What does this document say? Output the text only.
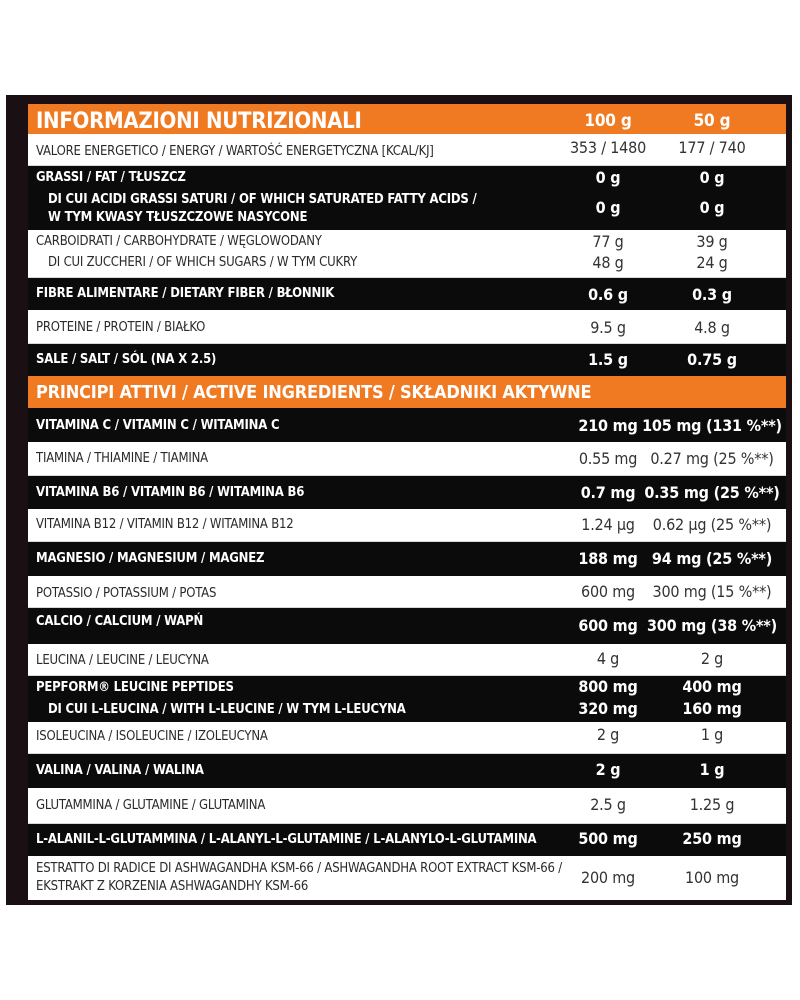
INFORMAZIONI NUTRIZIONALI	100 g	50 g
VALORE ENERGETICO / ENERGY / WARTOŚĆ ENERGETYCZNA [KCAL/KJ]	353 / 1480	177 / 740
GRASSI / FAT / TŁUSZCZ	0 g	0 g
DI CUI ACIDI GRASSI SATURI / OF WHICH SATURATED FATTY ACIDS /
W TYM KWASY TŁUSZCZOWE NASYCONE
0 g	0 g
CARBOIDRATI / CARBOHYDRATE / WĘGLOWODANY	77 g	39 g
DI CUI ZUCCHERI / OF WHICH SUGARS / W TYM CUKRY	48 g	24 g
FIBRE ALIMENTARE / DIETARY FIBER / BŁONNIK	0.6 g	0.3 g
PROTEINE / PROTEIN / BIAŁKO	9.5 g	4.8 g
SALE / SALT / SÓL (NA X 2.5)	1.5 g	0.75 g
PRINCIPI ATTIVI / ACTIVE INGREDIENTS / SKŁADNIKI AKTYWNE
VITAMINA C / VITAMIN C / WITAMINA C	210 mg 105 mg (131 %**)
TIAMINA / THIAMINE / TIAMINA	0.55 mg 0.27 mg (25 %**)
VITAMINA B6 / VITAMIN B6 / WITAMINA B6	0.7 mg 0.35 mg (25 %**)
VITAMINA B12 / VITAMIN B12 / WITAMINA B12	1.24 µg	0.62 µg (25 %**)
MAGNESIO / MAGNESIUM / MAGNEZ	188 mg 94 mg (25 %**)
POTASSIO / POTASSIUM / POTAS	600 mg	300 mg (15 %**)
CALCIO / CALCIUM / WAPŃ	600 mg 300 mg (38 %**)
LEUCINA / LEUCINE / LEUCYNA	4 g	2 g
PEPFORM® LEUCINE PEPTIDES	800 mg	400 mg
DI CUI L-LEUCINA / WITH L-LEUCINE / W TYM L-LEUCYNA	320 mg	160 mg
ISOLEUCINA / ISOLEUCINE / IZOLEUCYNA	2 g	1 g
VALINA / VALINA / WALINA	2 g	1 g
GLUTAMMINA / GLUTAMINE / GLUTAMINA	2.5 g	1.25 g
L-ALANIL-L-GLUTAMMINA / L-ALANYL-L-GLUTAMINE / L-ALANYLO-L-GLUTAMINA	500 mg	250 mg
ESTRATTO DI RADICE DI ASHWAGANDHA KSM-66 / ASHWAGANDHA ROOT EXTRACT KSM-66 /
EKSTRAKT Z KORZENIA ASHWAGANDHY KSM-66	200 mg	100 mg
